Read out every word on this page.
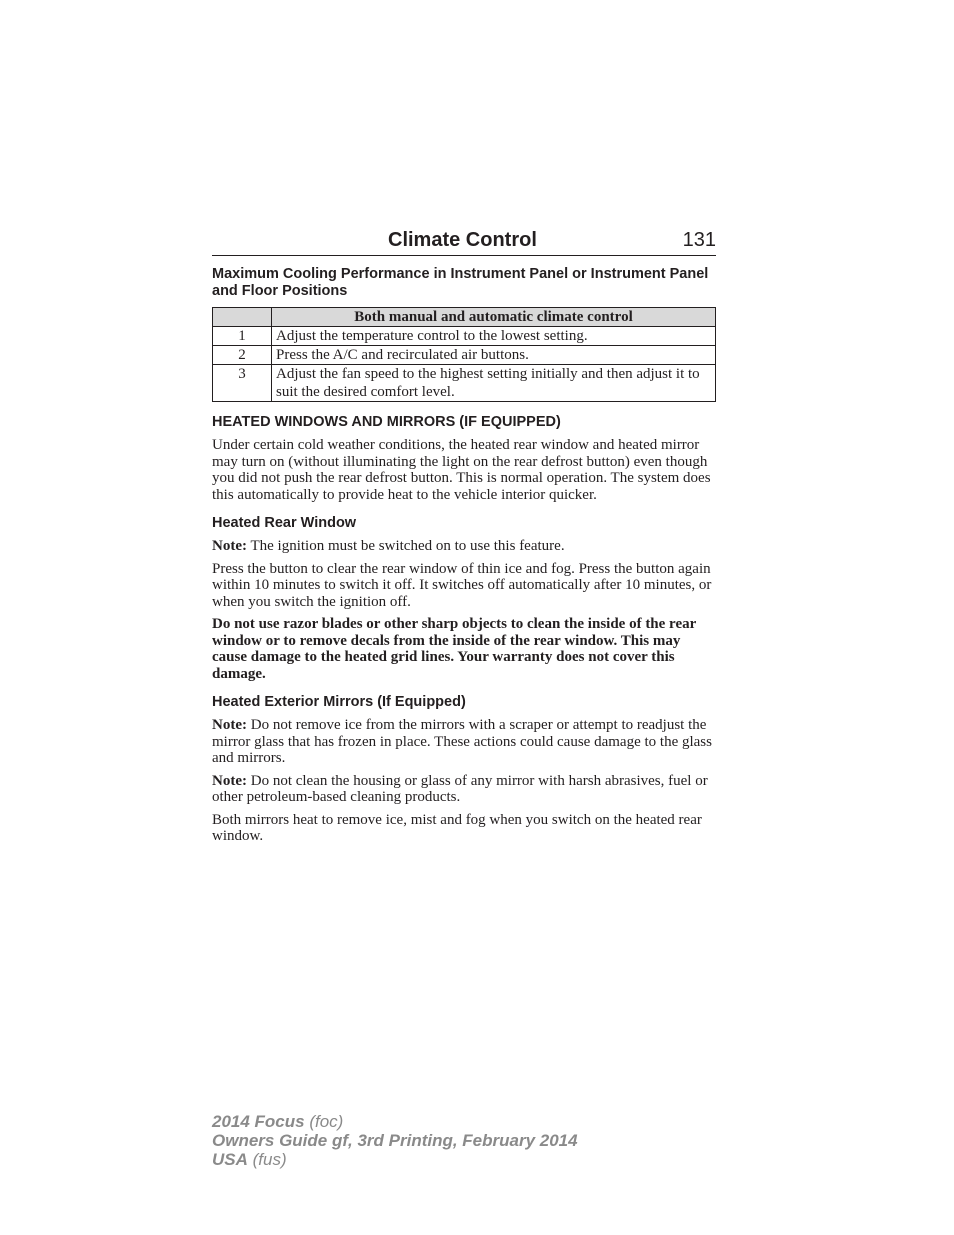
Climate Control	131
Maximum Cooling Performance in Instrument Panel or Instrument Panel and Floor Positions
	Both manual and automatic climate control
1	Adjust the temperature control to the lowest setting.
2	Press the A/C and recirculated air buttons.
3	Adjust the fan speed to the highest setting initially and then adjust it to suit the desired comfort level.
HEATED WINDOWS AND MIRRORS (IF EQUIPPED)

Under certain cold weather conditions, the heated rear window and heated mirror may turn on (without illuminating the light on the rear defrost button) even though you did not push the rear defrost button. This is normal operation. The system does this automatically to provide heat to the vehicle interior quicker.

Heated Rear Window

Note: The ignition must be switched on to use this feature.

Press the button to clear the rear window of thin ice and fog. Press the button again within 10 minutes to switch it off. It switches off automatically after 10 minutes, or when you switch the ignition off.

Do not use razor blades or other sharp objects to clean the inside of the rear window or to remove decals from the inside of the rear window. This may cause damage to the heated grid lines. Your warranty does not cover this damage.

Heated Exterior Mirrors (If Equipped)

Note: Do not remove ice from the mirrors with a scraper or attempt to readjust the mirror glass that has frozen in place. These actions could cause damage to the glass and mirrors.

Note: Do not clean the housing or glass of any mirror with harsh abrasives, fuel or other petroleum-based cleaning products.

Both mirrors heat to remove ice, mist and fog when you switch on the heated rear window.

2014 Focus (foc)
Owners Guide gf, 3rd Printing, February 2014
USA (fus)
